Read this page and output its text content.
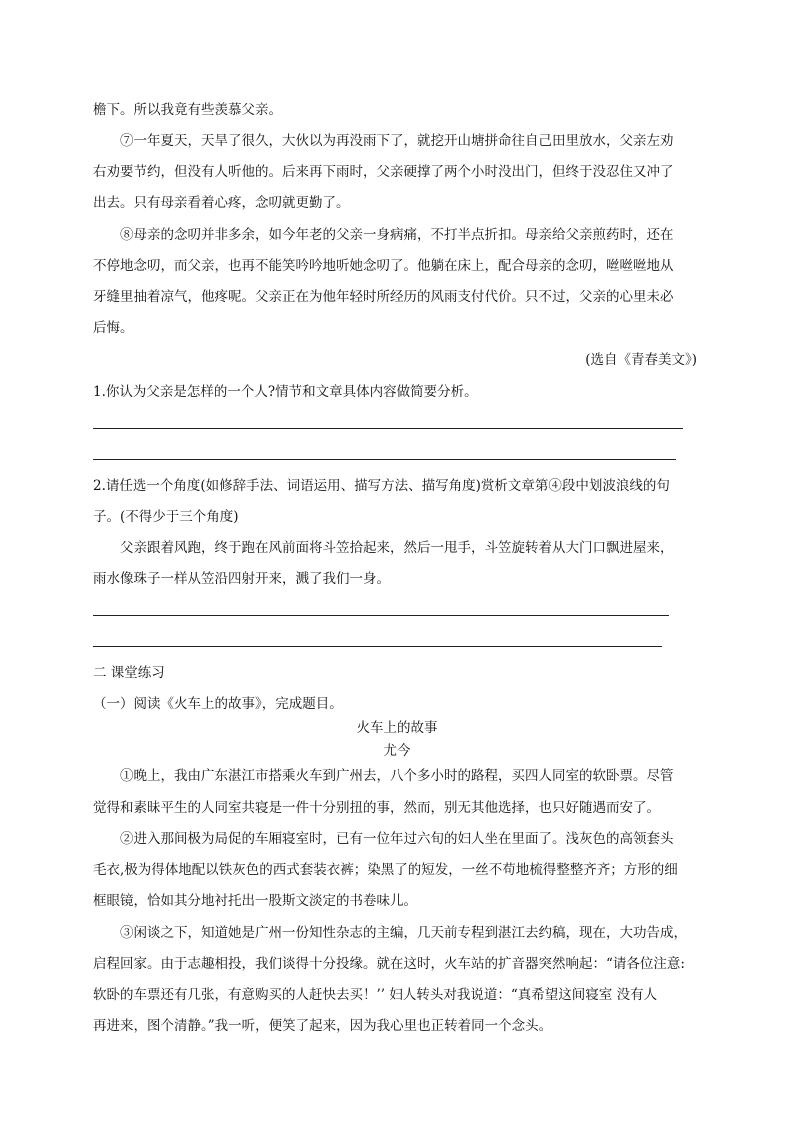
檐下。所以我竟有些羡慕父亲。
⑦一年夏天，天旱了很久，大伙以为再没雨下了，就挖开山塘拼命往自己田里放水，父亲左劝
右劝要节约，但没有人听他的。后来再下雨时，父亲硬撑了两个小时没出门，但终于没忍住又冲了
出去。只有母亲看着心疼，念叨就更勤了。
⑧母亲的念叨并非多余，如今年老的父亲一身病痛，不打半点折扣。母亲给父亲煎药时，还在
不停地念叨，而父亲，也再不能笑吟吟地听她念叨了。他躺在床上，配合母亲的念叨，咝咝咝地从
牙缝里抽着凉气，他疼呢。父亲正在为他年轻时所经历的风雨支付代价。只不过，父亲的心里未必
后悔。
(选自《青春美文》)
1.你认为父亲是怎样的一个人?情节和文章具体内容做简要分析。
2.请任选一个角度(如修辞手法、词语运用、描写方法、描写角度)赏析文章第④段中划波浪线的句
子。(不得少于三个角度)
父亲跟着风跑，终于跑在风前面将斗笠拾起来，然后一甩手，斗笠旋转着从大门口飘进屋来，
雨水像珠子一样从笠沿四射开来，溅了我们一身。
二 课堂练习
（一）阅读《火车上的故事》，完成题目。
火车上的故事
尤今
①晚上，我由广东湛江市搭乘火车到广州去，八个多小时的路程，买四人同室的软卧票。尽管
觉得和素昧平生的人同室共寝是一件十分别扭的事，然而，别无其他选择，也只好随遇而安了。
②进入那间极为局促的车厢寝室时，已有一位年过六旬的妇人坐在里面了。浅灰色的高领套头
毛衣,极为得体地配以铁灰色的西式套装衣裤；染黑了的短发，一丝不苟地梳得整整齐齐；方形的细
框眼镜，恰如其分地衬托出一股斯文淡定的书卷味儿。
③闲谈之下，知道她是广州一份知性杂志的主编，几天前专程到湛江去约稿，现在，大功告成，
启程回家。由于志趣相投，我们谈得十分投缘。就在这时，火车站的扩音器突然响起：“请各位注意:
软卧的车票还有几张，有意购买的人赶快去买！’’ 妇人转头对我说道：“真希望这间寝室 没有人
再进来，图个清静。”我一听，便笑了起来，因为我心里也正转着同一个念头。
